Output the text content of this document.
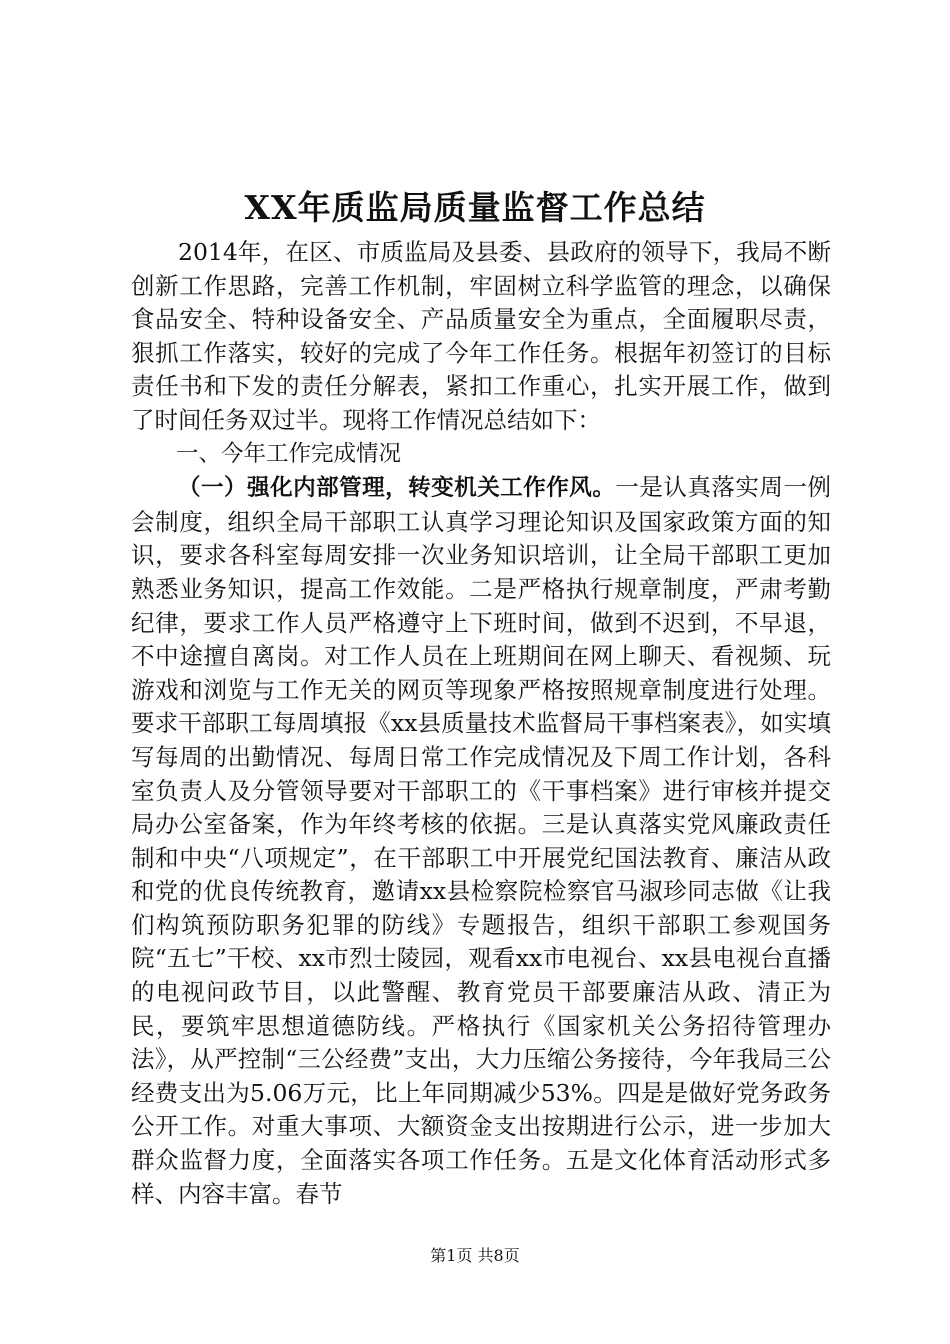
XX年质监局质量监督工作总结

2014年，在区、市质监局及县委、县政府的领导下，我局不断创新工作思路，完善工作机制，牢固树立科学监管的理念，以确保食品安全、特种设备安全、产品质量安全为重点，全面履职尽责，狠抓工作落实，较好的完成了今年工作任务。根据年初签订的目标责任书和下发的责任分解表，紧扣工作重心，扎实开展工作，做到了时间任务双过半。现将工作情况总结如下：

一、今年工作完成情况

（一）强化内部管理，转变机关工作作风。一是认真落实周一例会制度，组织全局干部职工认真学习理论知识及国家政策方面的知识，要求各科室每周安排一次业务知识培训，让全局干部职工更加熟悉业务知识，提高工作效能。二是严格执行规章制度，严肃考勤纪律，要求工作人员严格遵守上下班时间，做到不迟到，不早退，不中途擅自离岗。对工作人员在上班期间在网上聊天、看视频、玩游戏和浏览与工作无关的网页等现象严格按照规章制度进行处理。要求干部职工每周填报《xx县质量技术监督局干事档案表》，如实填写每周的出勤情况、每周日常工作完成情况及下周工作计划，各科室负责人及分管领导要对干部职工的《干事档案》进行审核并提交局办公室备案，作为年终考核的依据。三是认真落实党风廉政责任制和中央“八项规定”，在干部职工中开展党纪国法教育、廉洁从政和党的优良传统教育，邀请xx县检察院检察官马淑珍同志做《让我们构筑预防职务犯罪的防线》专题报告，组织干部职工参观国务院“五七”干校、xx市烈士陵园，观看xx市电视台、xx县电视台直播的电视问政节目，以此警醒、教育党员干部要廉洁从政、清正为民，要筑牢思想道德防线。严格执行《国家机关公务招待管理办法》，从严控制“三公经费”支出，大力压缩公务接待，今年我局三公经费支出为5.06万元，比上年同期减少53%。四是是做好党务政务公开工作。对重大事项、大额资金支出按期进行公示，进一步加大群众监督力度，全面落实各项工作任务。五是文化体育活动形式多样、内容丰富。春节

第1页 共8页
